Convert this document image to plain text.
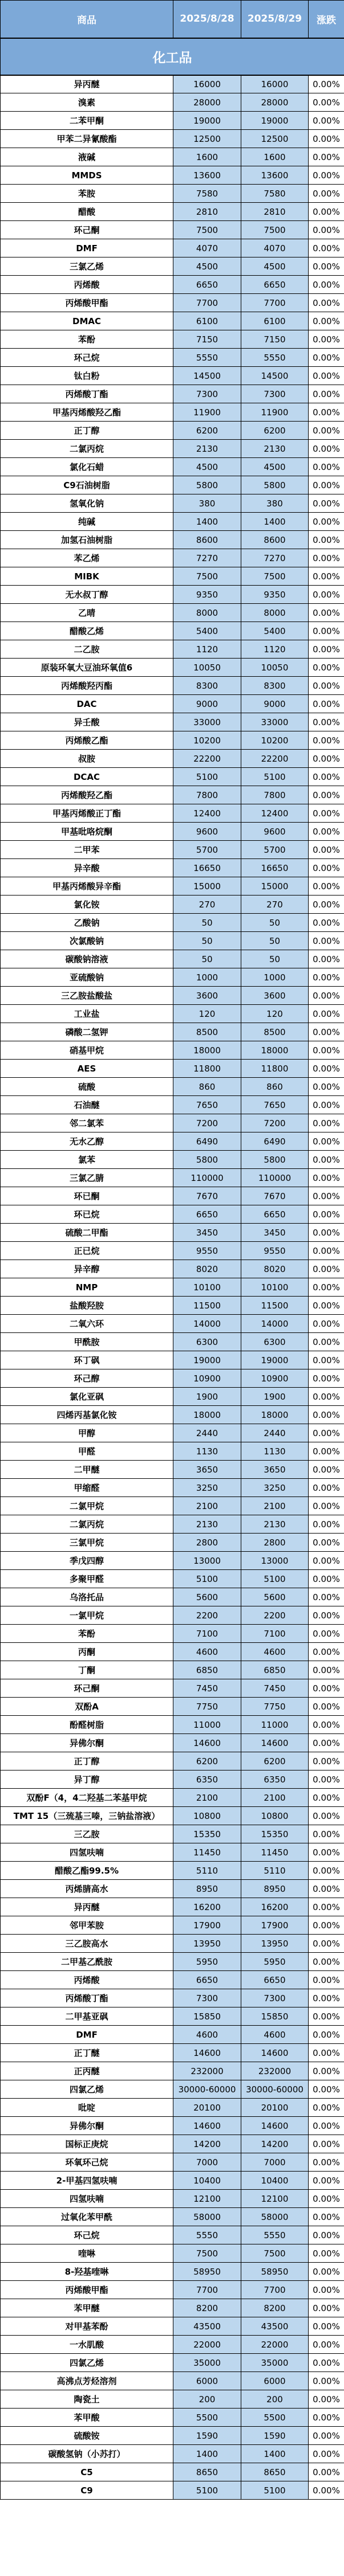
商品	2025/8/28	2025/8/29	涨跌
化工品			
异丙醚	16000	16000	0.00%
溴素	28000	28000	0.00%
二苯甲酮	19000	19000	0.00%
甲苯二异氰酸酯	12500	12500	0.00%
液碱	1600	1600	0.00%
MMDS	13600	13600	0.00%
苯胺	7580	7580	0.00%
醋酸	2810	2810	0.00%
环己酮	7500	7500	0.00%
DMF	4070	4070	0.00%
三氯乙烯	4500	4500	0.00%
丙烯酸	6650	6650	0.00%
丙烯酸甲酯	7700	7700	0.00%
DMAC	6100	6100	0.00%
苯酚	7150	7150	0.00%
环己烷	5550	5550	0.00%
钛白粉	14500	14500	0.00%
丙烯酸丁酯	7300	7300	0.00%
甲基丙烯酸羟乙酯	11900	11900	0.00%
正丁醇	6200	6200	0.00%
二氯丙烷	2130	2130	0.00%
氯化石蜡	4500	4500	0.00%
C9石油树脂	5800	5800	0.00%
氢氧化钠	380	380	0.00%
纯碱	1400	1400	0.00%
加氢石油树脂	8600	8600	0.00%
苯乙烯	7270	7270	0.00%
MIBK	7500	7500	0.00%
无水叔丁醇	9350	9350	0.00%
乙晴	8000	8000	0.00%
醋酸乙烯	5400	5400	0.00%
二乙胺	1120	1120	0.00%
原装环氧大豆油环氧值6	10050	10050	0.00%
丙烯酸羟丙酯	8300	8300	0.00%
DAC	9000	9000	0.00%
异壬酸	33000	33000	0.00%
丙烯酸乙酯	10200	10200	0.00%
叔胺	22200	22200	0.00%
DCAC	5100	5100	0.00%
丙烯酸羟乙酯	7800	7800	0.00%
甲基丙烯酸正丁酯	12400	12400	0.00%
甲基吡咯烷酮	9600	9600	0.00%
二甲苯	5700	5700	0.00%
异辛酸	16650	16650	0.00%
甲基丙烯酸异辛酯	15000	15000	0.00%
氯化铵	270	270	0.00%
乙酸钠	50	50	0.00%
次氯酸钠	50	50	0.00%
碳酸钠溶液	50	50	0.00%
亚硫酸钠	1000	1000	0.00%
三乙胺盐酸盐	3600	3600	0.00%
工业盐	120	120	0.00%
磷酸二氢钾	8500	8500	0.00%
硝基甲烷	18000	18000	0.00%
AES	11800	11800	0.00%
硫酸	860	860	0.00%
石油醚	7650	7650	0.00%
邻二氯苯	7200	7200	0.00%
无水乙醇	6490	6490	0.00%
氯苯	5800	5800	0.00%
三氯乙腈	110000	110000	0.00%
环已酮	7670	7670	0.00%
环已烷	6650	6650	0.00%
硫酸二甲酯	3450	3450	0.00%
正已烷	9550	9550	0.00%
异辛醇	8020	8020	0.00%
NMP	10100	10100	0.00%
盐酸羟胺	11500	11500	0.00%
二氧六环	14000	14000	0.00%
甲酰胺	6300	6300	0.00%
环丁砜	19000	19000	0.00%
环己醇	10900	10900	0.00%
氯化亚砜	1900	1900	0.00%
四烯丙基氯化铵	18000	18000	0.00%
甲醇	2440	2440	0.00%
甲醛	1130	1130	0.00%
二甲醚	3650	3650	0.00%
甲缩醛	3250	3250	0.00%
二氯甲烷	2100	2100	0.00%
二氯丙烷	2130	2130	0.00%
三氯甲烷	2800	2800	0.00%
季戊四醇	13000	13000	0.00%
多聚甲醛	5100	5100	0.00%
乌洛托品	5600	5600	0.00%
一氯甲烷	2200	2200	0.00%
苯酚	7100	7100	0.00%
丙酮	4600	4600	0.00%
丁酮	6850	6850	0.00%
环己酮	7450	7450	0.00%
双酚A	7750	7750	0.00%
酚醛树脂	11000	11000	0.00%
异佛尔酮	14600	14600	0.00%
正丁醇	6200	6200	0.00%
异丁醇	6350	6350	0.00%
双酚F（4，4二羟基二苯基甲烷	2100	2100	0.00%
TMT 15（三巯基三嗪，三钠盐溶液）	10800	10800	0.00%
三乙胺	15350	15350	0.00%
四氢呋喃	11450	11450	0.00%
醋酸乙酯99.5%	5110	5110	0.00%
丙烯腈高水	8950	8950	0.00%
异丙醚	16200	16200	0.00%
邻甲苯胺	17900	17900	0.00%
三乙胺高水	13950	13950	0.00%
二甲基乙酰胺	5950	5950	0.00%
丙烯酸	6650	6650	0.00%
丙烯酸丁酯	7300	7300	0.00%
二甲基亚砜	15850	15850	0.00%
DMF	4600	4600	0.00%
正丁醚	14600	14600	0.00%
正丙醚	232000	232000	0.00%
四氯乙烯	30000-60000	30000-60000	0.00%
吡啶	20100	20100	0.00%
异佛尔酮	14600	14600	0.00%
国标正庚烷	14200	14200	0.00%
环氧环己烷	7000	7000	0.00%
2-甲基四氢呋喃	10400	10400	0.00%
四氢呋喃	12100	12100	0.00%
过氧化苯甲酰	58000	58000	0.00%
环己烷	5550	5550	0.00%
喹啉	7500	7500	0.00%
8-羟基喹啉	58950	58950	0.00%
丙烯酸甲酯	7700	7700	0.00%
苯甲醚	8200	8200	0.00%
对甲基苯酚	43500	43500	0.00%
一水肌酸	22000	22000	0.00%
四氯乙烯	35000	35000	0.00%
高沸点芳烃溶剂	6000	6000	0.00%
陶瓷土	200	200	0.00%
苯甲酸	5500	5500	0.00%
硫酸铵	1590	1590	0.00%
碳酸氢钠（小苏打）	1400	1400	0.00%
C5	8650	8650	0.00%
C9	5100	5100	0.00%
